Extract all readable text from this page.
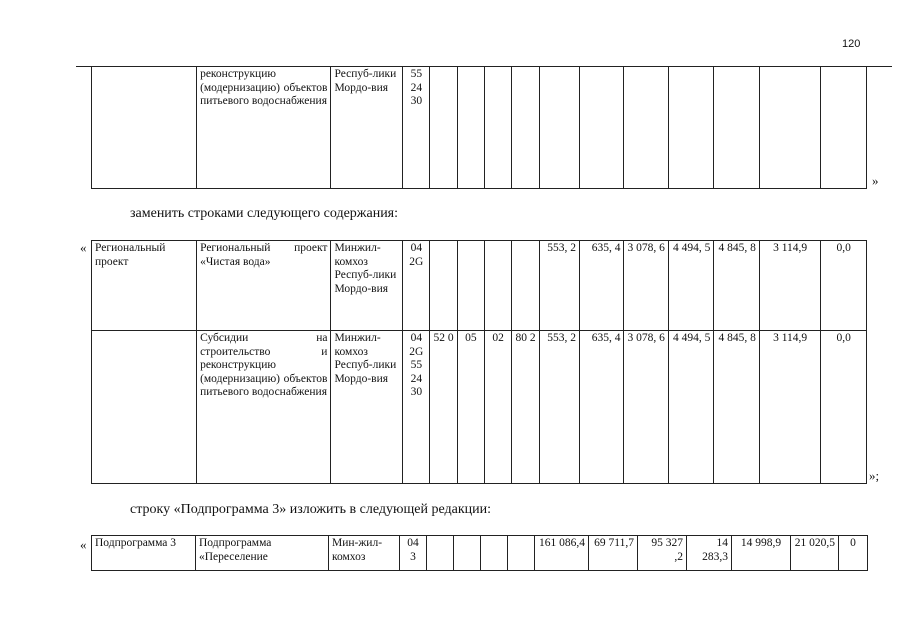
120
	реконструкцию (модернизацию) объектов питьевого водоснабжения	Респуб-лики Мордо-вия	55 24 30											
»
заменить строками следующего содержания:
« Региональный проект	Региональный проект «Чистая вода»	Минжил-комхоз Респуб-лики Мордо-вия	04 2G					553, 2	635, 4	3 078, 6	4 494, 5	4 845, 8	3 114,9	0,0
	Субсидии на строительство и реконструкцию (модернизацию) объектов питьевого водоснабжения	Минжил-комхоз Респуб-лики Мордо-вия	04 2G 55 24 30	52 0	05	02	80 2	553, 2	635, 4	3 078, 6	4 494, 5	4 845, 8	3 114,9	0,0
»;
строку «Подпрограмма 3» изложить в следующей редакции:
« Подпрограмма 3	Подпрограмма «Переселение	Мин-жил-комхоз	04 3					161 086,4	69 711,7	95 327 ,2	14 283,3	14 998,9	21 020,5	0
